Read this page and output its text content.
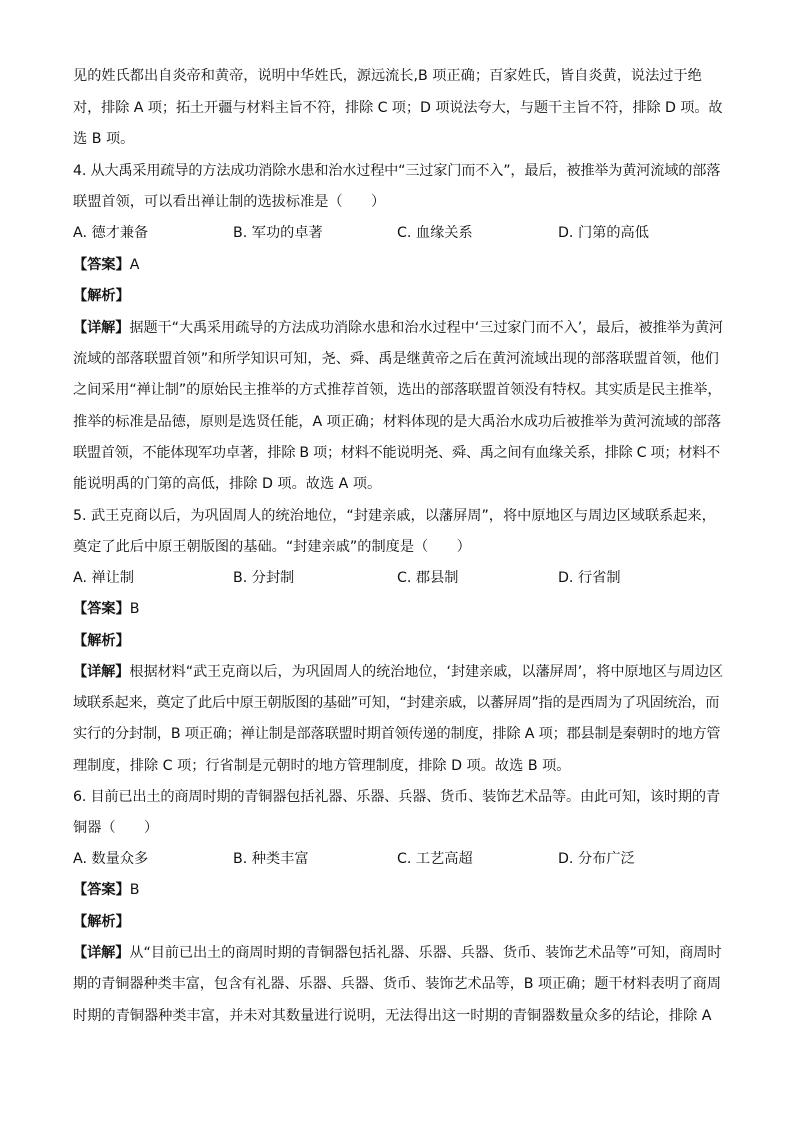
见的姓氏都出自炎帝和黄帝，说明中华姓氏，源远流长,B 项正确；百家姓氏，皆自炎黄，说法过于绝
对，排除 A 项；拓土开疆与材料主旨不符，排除 C 项；D 项说法夸大，与题干主旨不符，排除 D 项。故
选 B 项。
4. 从大禹采用疏导的方法成功消除水患和治水过程中“三过家门而不入”，最后，被推举为黄河流域的部落
联盟首领，可以看出禅让制的选拔标准是（　　）
A. 德才兼备	B. 军功的卓著	C. 血缘关系	D. 门第的高低
【答案】A
【解析】
【详解】据题干“大禹采用疏导的方法成功消除水患和治水过程中‘三过家门而不入’，最后，被推举为黄河
流域的部落联盟首领”和所学知识可知，尧、舜、禹是继黄帝之后在黄河流域出现的部落联盟首领，他们
之间采用“禅让制”的原始民主推举的方式推荐首领，选出的部落联盟首领没有特权。其实质是民主推举，
推举的标准是品德，原则是选贤任能，A 项正确；材料体现的是大禹治水成功后被推举为黄河流域的部落
联盟首领，不能体现军功卓著，排除 B 项；材料不能说明尧、舜、禹之间有血缘关系，排除 C 项；材料不
能说明禹的门第的高低，排除 D 项。故选 A 项。
5. 武王克商以后，为巩固周人的统治地位，“封建亲戚，以藩屏周”，将中原地区与周边区域联系起来，
奠定了此后中原王朝版图的基础。“封建亲戚”的制度是（　　）
A. 禅让制	B. 分封制	C. 郡县制	D. 行省制
【答案】B
【解析】
【详解】根据材料“武王克商以后，为巩固周人的统治地位，‘封建亲戚，以藩屏周’，将中原地区与周边区
域联系起来，奠定了此后中原王朝版图的基础”可知，“封建亲戚，以蕃屏周”指的是西周为了巩固统治，而
实行的分封制，B 项正确；禅让制是部落联盟时期首领传递的制度，排除 A 项；郡县制是秦朝时的地方管
理制度，排除 C 项；行省制是元朝时的地方管理制度，排除 D 项。故选 B 项。
6. 目前已出土的商周时期的青铜器包括礼器、乐器、兵器、货币、装饰艺术品等。由此可知，该时期的青
铜器（　　）
A. 数量众多	B. 种类丰富	C. 工艺高超	D. 分布广泛
【答案】B
【解析】
【详解】从“目前已出土的商周时期的青铜器包括礼器、乐器、兵器、货币、装饰艺术品等”可知，商周时
期的青铜器种类丰富，包含有礼器、乐器、兵器、货币、装饰艺术品等，B 项正确；题干材料表明了商周
时期的青铜器种类丰富，并未对其数量进行说明，无法得出这一时期的青铜器数量众多的结论，排除 A
